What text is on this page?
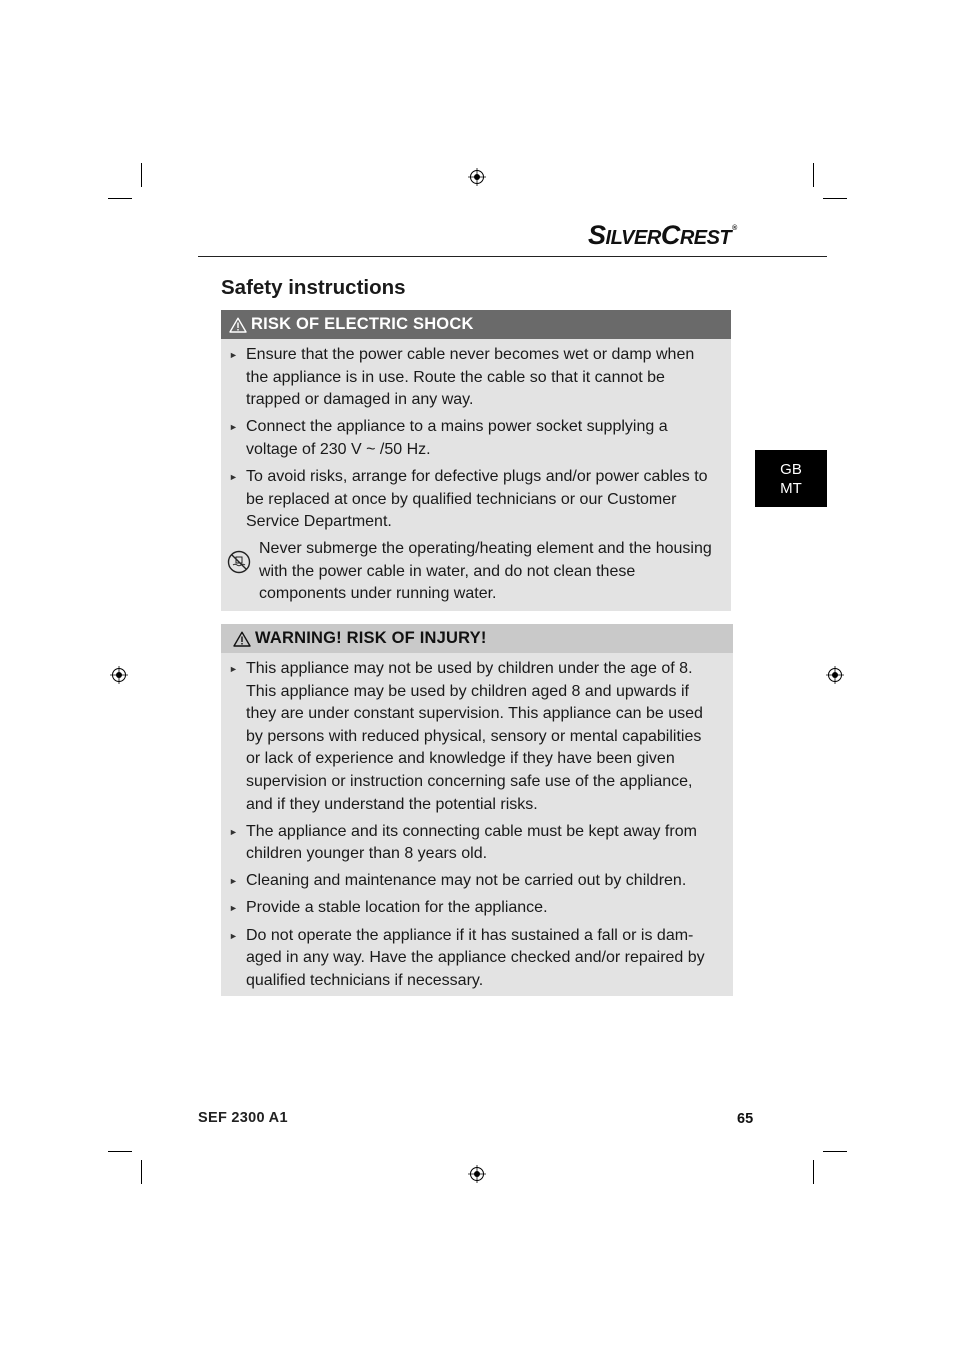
SILVERCREST®
Safety instructions
GB
MT
RISK OF ELECTRIC SHOCK
► Ensure that the power cable never becomes wet or damp when the appliance is in use. Route the cable so that it cannot be trapped or damaged in any way.
► Connect the appliance to a mains power socket supplying a voltage of 230 V ~ /50 Hz.
► To avoid risks, arrange for defective plugs and/or power cables to be replaced at once by qualified technicians or our Customer Service Department.
Never submerge the operating/heating element and the housing with the power cable in water, and do not clean these components under running water.
WARNING! RISK OF INJURY!
► This appliance may not be used by children under the age of 8. This appliance may be used by children aged 8 and upwards if they are under constant supervision. This appliance can be used by persons with reduced physical, sensory or mental capabilities or lack of experience and knowledge if they have been given supervision or instruction concerning safe use of the appliance, and if they understand the potential risks.
► The appliance and its connecting cable must be kept away from children younger than 8 years old.
► Cleaning and maintenance may not be carried out by children.
► Provide a stable location for the appliance.
► Do not operate the appliance if it has sustained a fall or is dam-aged in any way. Have the appliance checked and/or repaired by qualified technicians if necessary.
SEF 2300 A1	65
